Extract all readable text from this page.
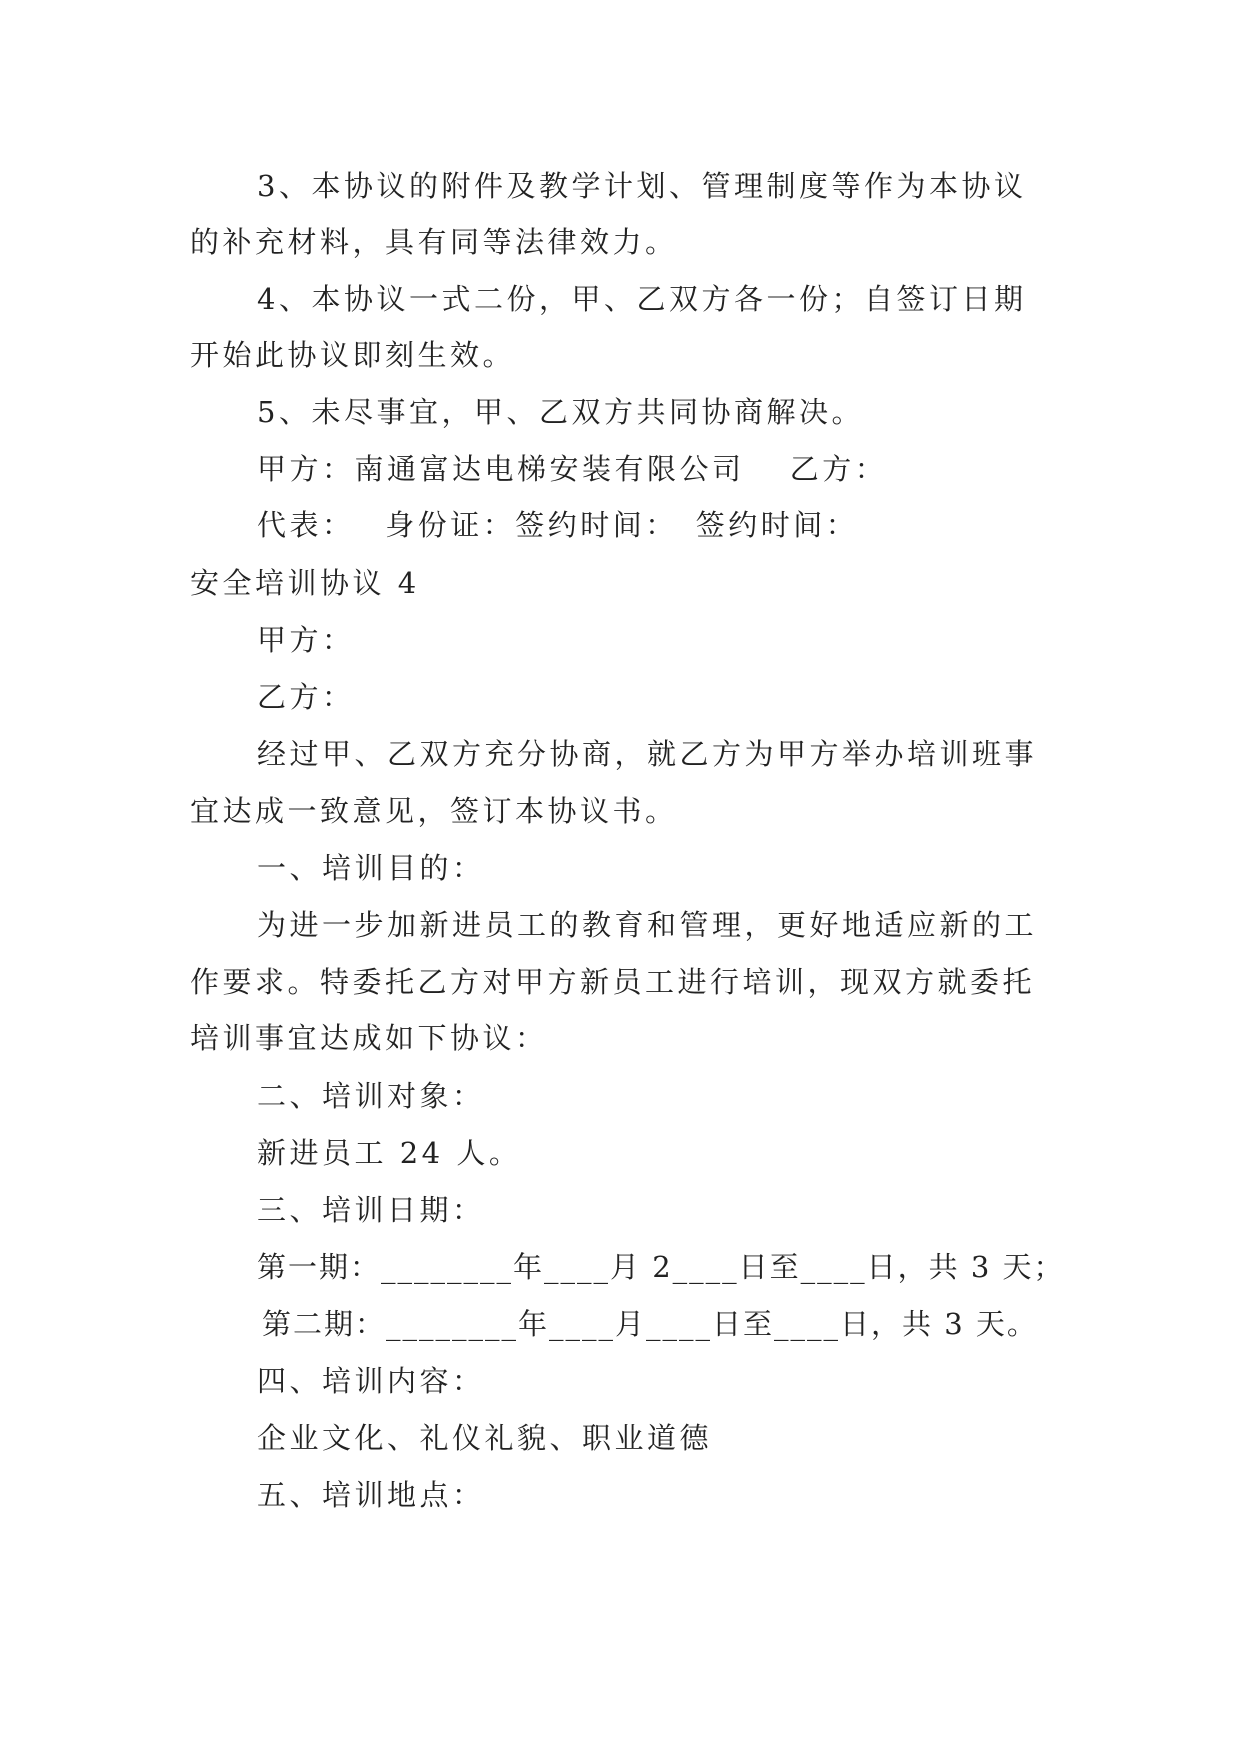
3、本协议的附件及教学计划、管理制度等作为本协议
的补充材料，具有同等法律效力。
4、本协议一式二份，甲、乙双方各一份；自签订日期
开始此协议即刻生效。
5、未尽事宜，甲、乙双方共同协商解决。
甲方：南通富达电梯安装有限公司　 乙方：
代表：　 身份证：签约时间：　签约时间：
安全培训协议 4
甲方：
乙方：
经过甲、乙双方充分协商，就乙方为甲方举办培训班事
宜达成一致意见，签订本协议书。
一、培训目的：
为进一步加新进员工的教育和管理，更好地适应新的工
作要求。特委托乙方对甲方新员工进行培训，现双方就委托
培训事宜达成如下协议：
二、培训对象：
新进员工 24 人。
三、培训日期：
第一期：________年____月 2____日至____日，共 3 天；
第二期：________年____月____日至____日，共 3 天。
四、培训内容：
企业文化、礼仪礼貌、职业道德
五、培训地点：
